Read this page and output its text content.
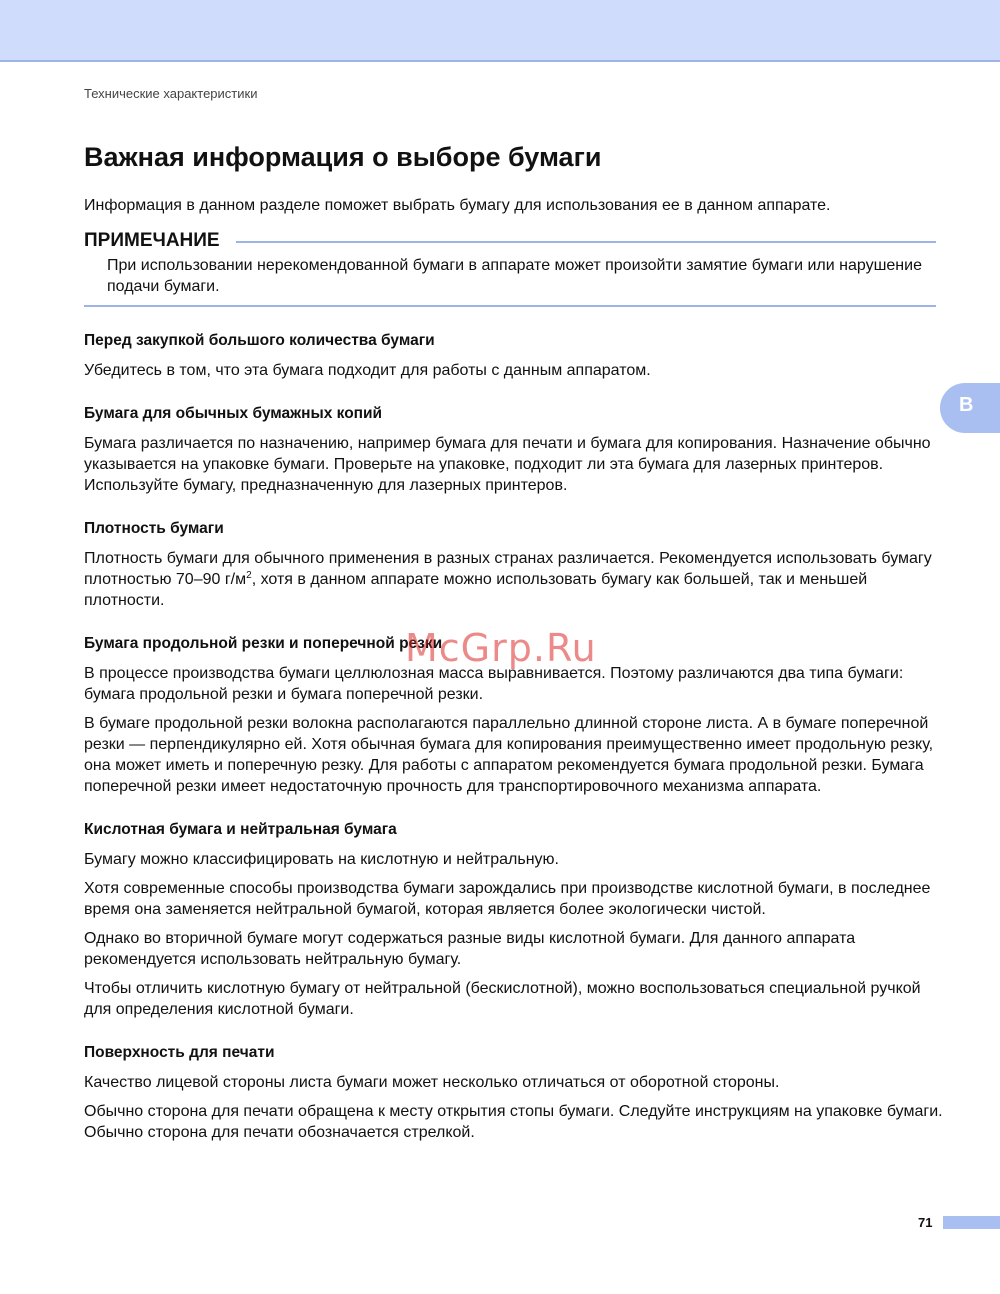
Технические характеристики
Важная информация о выборе бумаги

Информация в данном разделе поможет выбрать бумагу для использования ее в данном аппарате.

ПРИМЕЧАНИЕ

При использовании нерекомендованной бумаги в аппарате может произойти замятие бумаги или нарушение подачи бумаги.

Перед закупкой большого количества бумаги

Убедитесь в том, что эта бумага подходит для работы с данным аппаратом.

Бумага для обычных бумажных копий

Бумага различается по назначению, например бумага для печати и бумага для копирования. Назначение обычно указывается на упаковке бумаги. Проверьте на упаковке, подходит ли эта бумага для лазерных принтеров. Используйте бумагу, предназначенную для лазерных принтеров.

Плотность бумаги

Плотность бумаги для обычного применения в разных странах различается. Рекомендуется использовать бумагу плотностью 70–90 $г/м^2$, хотя в данном аппарате можно использовать бумагу как большей, так и меньшей плотности.

Бумага продольной резки и поперечной резки

В процессе производства бумаги целлюлозная масса выравнивается. Поэтому различаются два типа бумаги: бумага продольной резки и бумага поперечной резки.

В бумаге продольной резки волокна располагаются параллельно длинной стороне листа. А в бумаге поперечной резки — перпендикулярно ей. Хотя обычная бумага для копирования преимущественно имеет продольную резку, она может иметь и поперечную резку. Для работы с аппаратом рекомендуется бумага продольной резки. Бумага поперечной резки имеет недостаточную прочность для транспортировочного механизма аппарата.

Кислотная бумага и нейтральная бумага

Бумагу можно классифицировать на кислотную и нейтральную.

Хотя современные способы производства бумаги зарождались при производстве кислотной бумаги, в последнее время она заменяется нейтральной бумагой, которая является более экологически чистой.

Однако во вторичной бумаге могут содержаться разные виды кислотной бумаги. Для данного аппарата рекомендуется использовать нейтральную бумагу.

Чтобы отличить кислотную бумагу от нейтральной (бескислотной), можно воспользоваться специальной ручкой для определения кислотной бумаги.

Поверхность для печати

Качество лицевой стороны листа бумаги может несколько отличаться от оборотной стороны.

Обычно сторона для печати обращена к месту открытия стопы бумаги. Следуйте инструкциям на упаковке бумаги. Обычно сторона для печати обозначается стрелкой.

B
McGrp.Ru
71
